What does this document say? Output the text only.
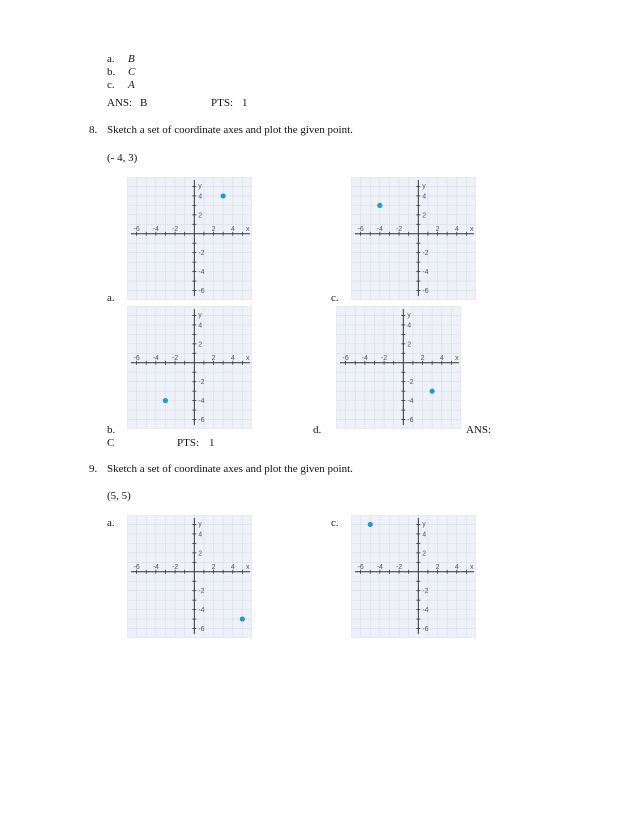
a. B
b. C
c. A
ANS: B	PTS: 1
8. Sketch a set of coordinate axes and plot the given point.
(- 4, 3)
-6 -4 -2	2 4
4
2
-2
-4
-6
x
y
-6 -4 -2	2 4
4
2
-2
-4
-6
x
y
a.	c.
-6 -4 -2	2 4
4
2
-2
-4
-6
x
y
-6 -4 -2	2 4
4
2
-2
-4
-6
x
y
b.	d.	ANS:
C	PTS: 1
9. Sketch a set of coordinate axes and plot the given point.
(5, 5)
a.	c.
-6 -4 -2	2 4
4
2
-2
-4
-6
x
y
-6 -4 -2	2 4
4
2
-2
-4
-6
x
y
